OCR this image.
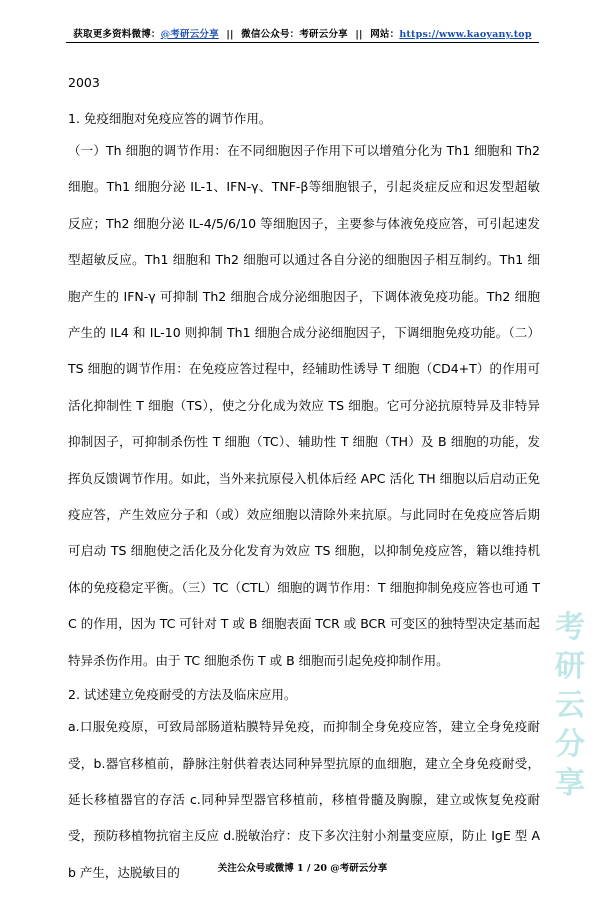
获取更多资料微博：@考研云分享 || 微信公众号：考研云分享 || 网站：https://www.kaoyany.top
2003
1. 免疫细胞对免疫应答的调节作用。

（一）Th 细胞的调节作用：在不同细胞因子作用下可以增殖分化为 Th1 细胞和 Th2 细胞。Th1 细胞分泌 IL-1、IFN-γ、TNF-β等细胞银子，引起炎症反应和迟发型超敏反应；Th2 细胞分泌 IL-4/5/6/10 等细胞因子，主要参与体液免疫应答，可引起速发型超敏反应。Th1 细胞和 Th2 细胞可以通过各自分泌的细胞因子相互制约。Th1 细胞产生的 IFN-γ 可抑制 Th2 细胞合成分泌细胞因子，下调体液免疫功能。Th2 细胞产生的 IL4 和 IL-10 则抑制 Th1 细胞合成分泌细胞因子，下调细胞免疫功能。（二）TS 细胞的调节作用：在免疫应答过程中，经辅助性诱导 T 细胞（CD4+T）的作用可活化抑制性 T 细胞（TS），使之分化成为效应 TS 细胞。它可分泌抗原特异及非特异抑制因子，可抑制杀伤性 T 细胞（TC）、辅助性 T 细胞（TH）及 B 细胞的功能，发挥负反馈调节作用。如此，当外来抗原侵入机体后经 APC 活化 TH 细胞以后启动正免疫应答，产生效应分子和（或）效应细胞以清除外来抗原。与此同时在免疫应答后期可启动 TS 细胞使之活化及分化发育为效应 TS 细胞，以抑制免疫应答，籍以维持机体的免疫稳定平衡。（三）TC（CTL）细胞的调节作用：T 细胞抑制免疫应答也可通 TC 的作用，因为 TC 可针对 T 或 B 细胞表面 TCR 或 BCR 可变区的独特型决定基而起特异杀伤作用。由于 TC 细胞杀伤 T 或 B 细胞而引起免疫抑制作用。

2. 试述建立免疫耐受的方法及临床应用。

a.口服免疫原，可致局部肠道粘膜特异免疫，而抑制全身免疫应答，建立全身免疫耐受，b.器官移植前，静脉注射供着表达同种异型抗原的血细胞，建立全身免疫耐受，延长移植器官的存活 c.同种异型器官移植前，移植骨髓及胸腺，建立或恢复免疫耐受，预防移植物抗宿主反应 d.脱敏治疗：皮下多次注射小剂量变应原，防止 IgE 型 Ab 产生，达脱敏目的

考
研
云
分
享
关注公众号或微博 1 / 20 @考研云分享
